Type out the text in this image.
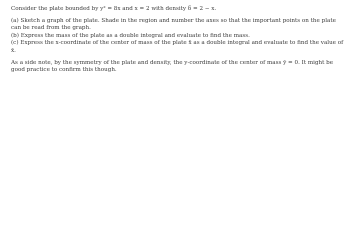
Consider the plate bounded by y² = 8x and x = 2 with density δ = 2 − x.

(a) Sketch a graph of the plate. Shade in the region and number the axes so that the important points on the plate can be read from the graph.

(b) Express the mass of the plate as a double integral and evaluate to find the mass.

(c) Express the x-coordinate of the center of mass of the plate x̄ as a double integral and evaluate to find the value of x̄.

As a side note, by the symmetry of the plate and density, the y-coordinate of the center of mass ȳ = 0. It might be good practice to confirm this though.
